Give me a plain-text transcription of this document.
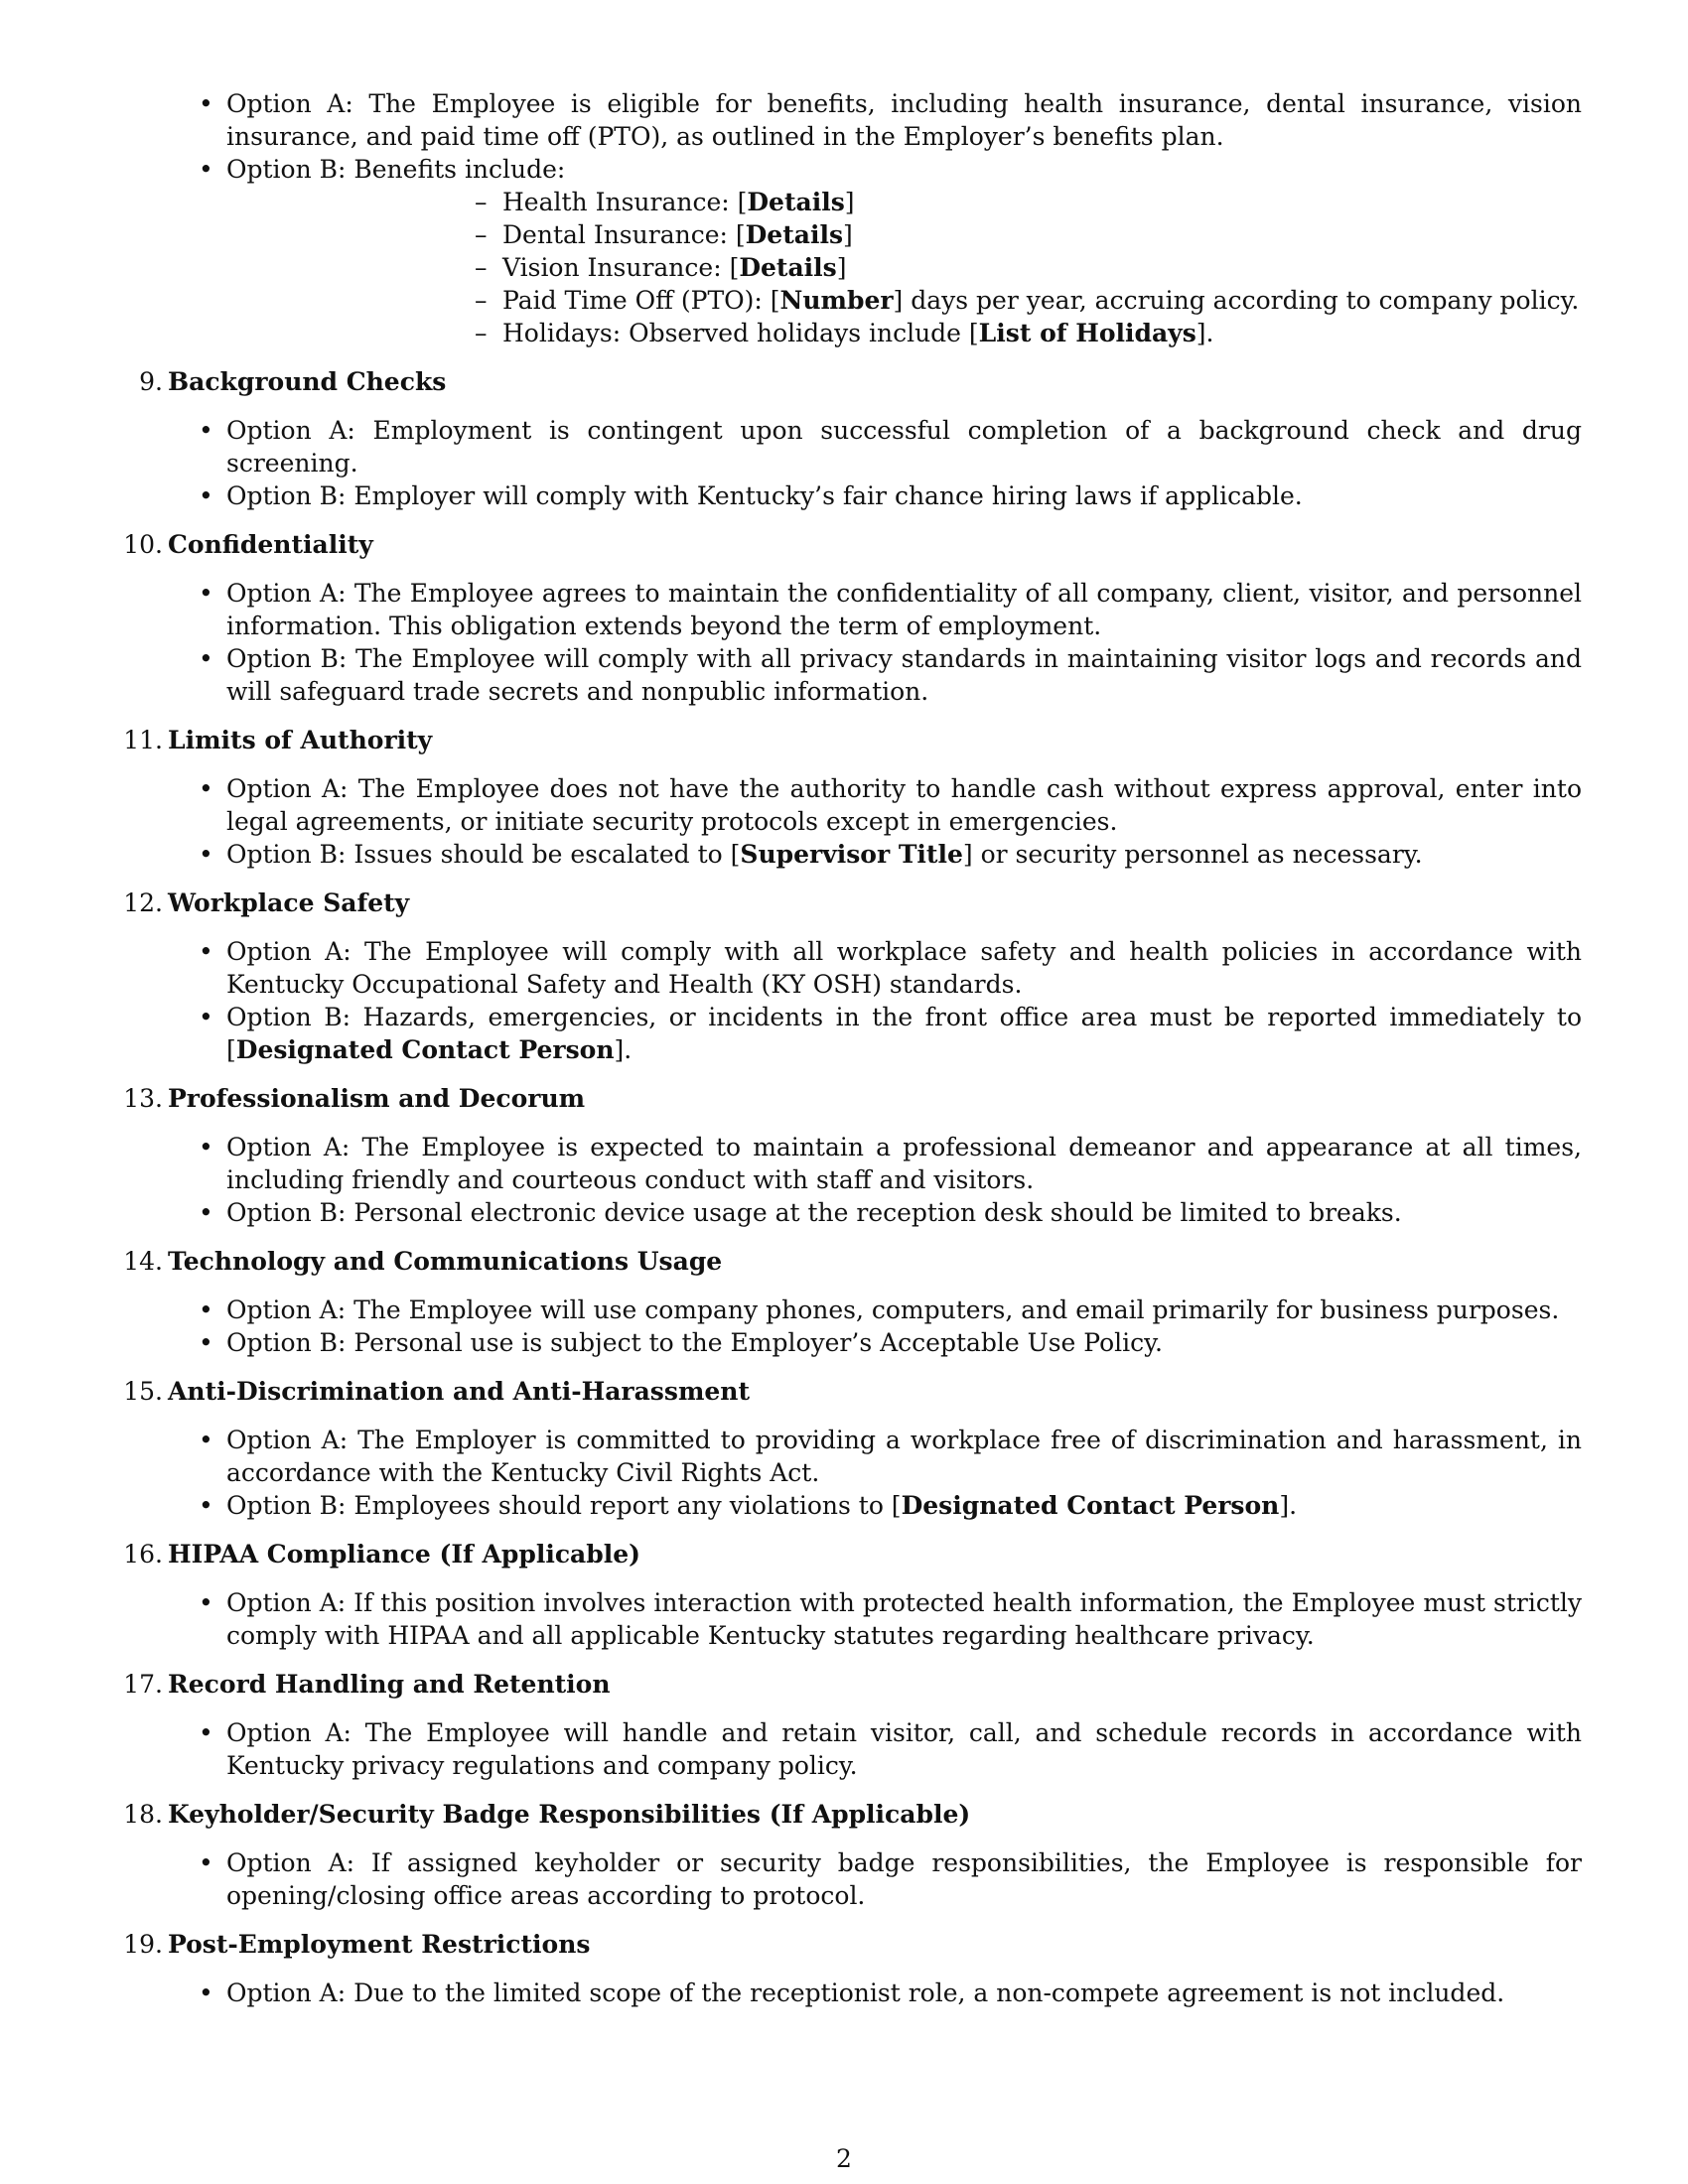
• Option A: The Employee is eligible for benefits, including health insurance, dental insurance, vision insurance, and paid time off (PTO), as outlined in the Employer’s benefits plan.
• Option B: Benefits include:
– Health Insurance: [Details]
– Dental Insurance: [Details]
– Vision Insurance: [Details]
– Paid Time Off (PTO): [Number] days per year, accruing according to company policy.
– Holidays: Observed holidays include [List of Holidays].
9 . Background Checks
• Option A: Employment is contingent upon successful completion of a background check and drug screening.
• Option B: Employer will comply with Kentucky’s fair chance hiring laws if applicable.
10 . Confidentiality
• Option A: The Employee agrees to maintain the confidentiality of all company, client, visitor, and personnel information. This obligation extends beyond the term of employment.
• Option B: The Employee will comply with all privacy standards in maintaining visitor logs and records and will safeguard trade secrets and nonpublic information.
11 . Limits of Authority
• Option A: The Employee does not have the authority to handle cash without express approval, enter into legal agreements, or initiate security protocols except in emergencies.
• Option B: Issues should be escalated to [Supervisor Title] or security personnel as necessary.
12 . Workplace Safety
• Option A: The Employee will comply with all workplace safety and health policies in accordance with Kentucky Occupational Safety and Health (KY OSH) standards.
• Option B: Hazards, emergencies, or incidents in the front office area must be reported immediately to [Designated Contact Person].
13 . Professionalism and Decorum
• Option A: The Employee is expected to maintain a professional demeanor and appearance at all times, including friendly and courteous conduct with staff and visitors.
• Option B: Personal electronic device usage at the reception desk should be limited to breaks.
14 . Technology and Communications Usage
• Option A: The Employee will use company phones, computers, and email primarily for business purposes.
• Option B: Personal use is subject to the Employer’s Acceptable Use Policy.
15 . Anti-Discrimination and Anti-Harassment
• Option A: The Employer is committed to providing a workplace free of discrimination and harassment, in accordance with the Kentucky Civil Rights Act.
• Option B: Employees should report any violations to [Designated Contact Person].
16 . HIPAA Compliance (If Applicable)
• Option A: If this position involves interaction with protected health information, the Employee must strictly comply with HIPAA and all applicable Kentucky statutes regarding healthcare privacy.
17 . Record Handling and Retention
• Option A: The Employee will handle and retain visitor, call, and schedule records in accordance with Kentucky privacy regulations and company policy.
18 . Keyholder/Security Badge Responsibilities (If Applicable)
• Option A: If assigned keyholder or security badge responsibilities, the Employee is responsible for opening/closing office areas according to protocol.
19 . Post-Employment Restrictions
• Option A: Due to the limited scope of the receptionist role, a non-compete agreement is not included.
2
